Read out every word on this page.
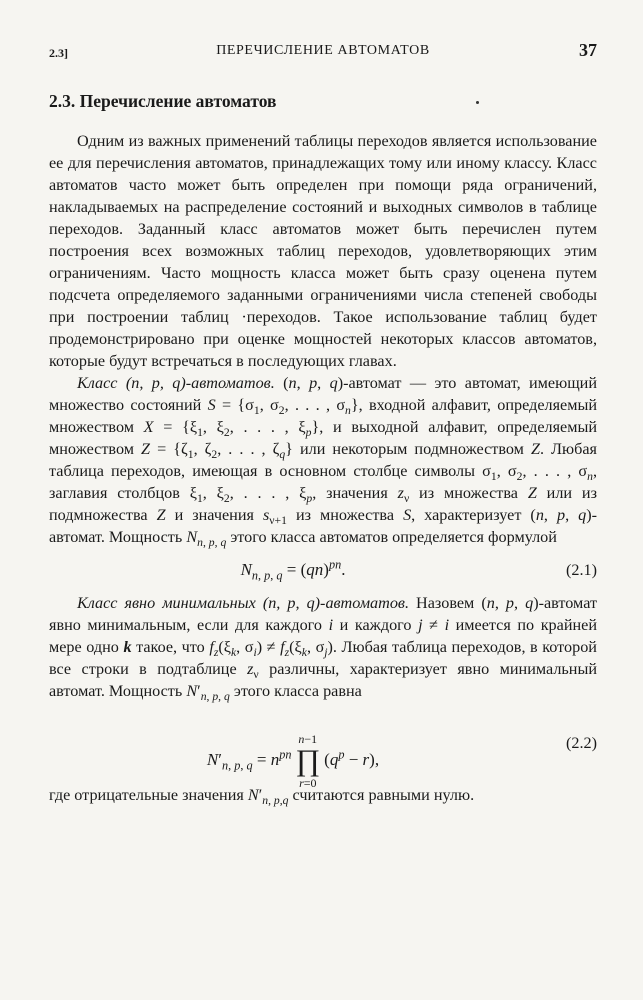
2.3]	ПЕРЕЧИСЛЕНИЕ АВТОМАТОВ	37
2.3. Перечисление автоматов

Одним из важных применений таблицы переходов является использование ее для перечисления автоматов, принадлежащих тому или иному классу. Класс автоматов часто может быть определен при помощи ряда ограничений, накладываемых на распределение состояний и выходных символов в таблице переходов. Заданный класс автоматов может быть перечислен путем построения всех возможных таблиц переходов, удовлетворяющих этим ограничениям. Часто мощность класса может быть сразу оценена путем подсчета определяемого заданными ограничениями числа степеней свободы при построении таблиц ·переходов. Такое использование таблиц будет продемонстрировано при оценке мощностей некоторых классов автоматов, которые будут встречаться в последующих главах.

Класс (n, p, q)-автоматов. (n, p, q)-автомат — это автомат, имеющий множество состояний $S = \{\sigma_1$, $\sigma_2$, . . . , $\sigma_n$}, входной алфавит, определяемый множеством $X = \{\xi_1$, $\xi_2$, . . . , $\xi_p$}, и выходной алфавит, определяемый множеством $Z = \{\zeta_1$, $\zeta_2$, . . . , $\zeta_q$} или некоторым подмножеством Z. Любая таблица переходов, имеющая в основном столбце символы $\sigma_1$, $\sigma_2$, . . . , $\sigma_n$, заглавия столбцов $\xi_1$, $\xi_2$, . . . , $\xi_p$, значения $z_\nu$ из множества Z или из подмножества Z и значения $s_{\nu+1}$ из множества S, характеризует (n, p, q)-автомат. Мощность $N_{n, p, q}$ этого класса автоматов определяется формулой

$N_{n, p, q} = (qn)^{pn}$.	(2.1)

Класс явно минимальных (n, p, q)-автоматов. Назовем (n, p, q)-автомат явно минимальным, если для каждого i и каждого j ≠ i имеется по крайней мере одно k такое, что $f_z(\xi_k$, $\sigma_i) \ne f_z(\xi_k$, $\sigma_j$). Любая таблица переходов, в которой все строки в подтаблице $z_\nu$ различны, характеризует явно минимальный автомат. Мощность $N'_{n, p, q}$ этого класса равна

$N'_{n, p, q} = n^{pn}n-1$
∏
$r=0(q^p - r)$,
(2.2)

где отрицательные значения $N'_{n, p,q}$ считаются равными нулю.
